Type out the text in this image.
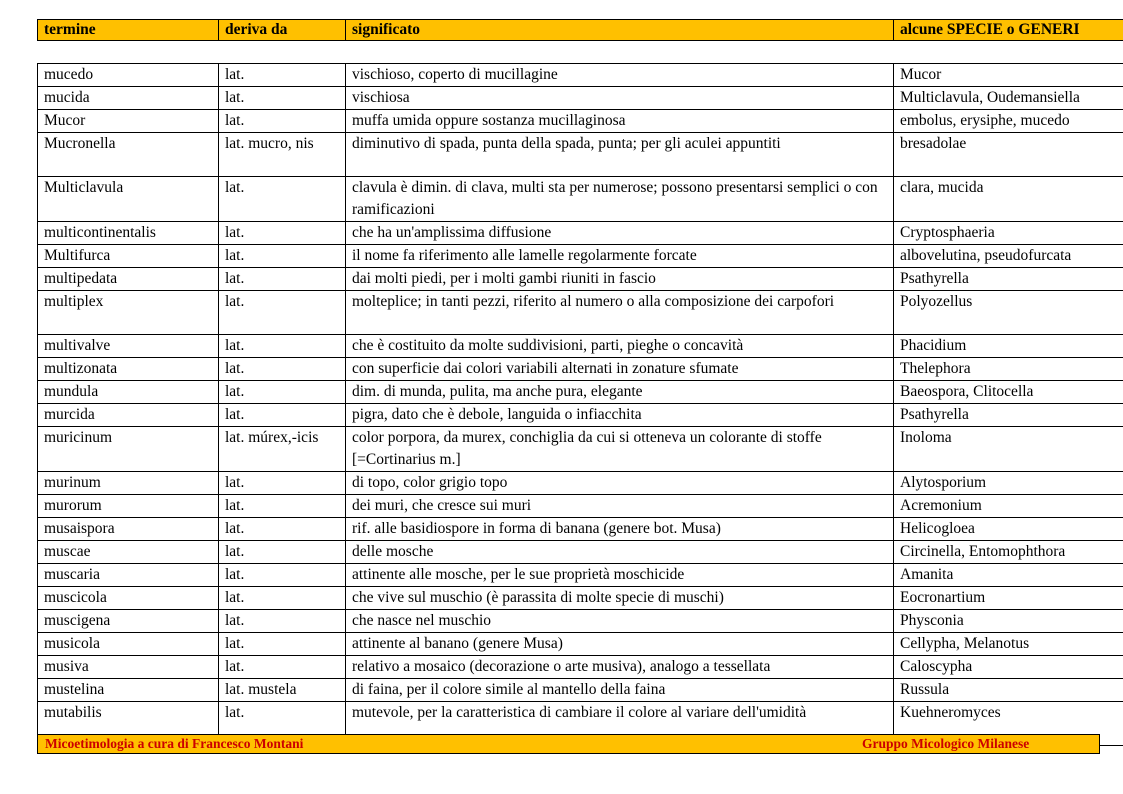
termine	deriva da	significato	alcune SPECIE o GENERI
mucedo	lat.	vischioso, coperto di mucillagine	Mucor
mucida	lat.	vischiosa	Multiclavula, Oudemansiella
Mucor	lat.	muffa umida oppure sostanza mucillaginosa	embolus, erysiphe, mucedo
Mucronella	lat. mucro, nis	diminutivo di spada, punta della spada, punta; per gli aculei appuntiti	bresadolae
Multiclavula	lat.	clavula è dimin. di clava, multi sta per numerose; possono presentarsi semplici o con ramificazioni	clara, mucida
multicontinentalis	lat.	che ha un'amplissima diffusione	Cryptosphaeria
Multifurca	lat.	il nome fa riferimento alle lamelle regolarmente forcate	albovelutina, pseudofurcata
multipedata	lat.	dai molti piedi, per i molti gambi riuniti in fascio	Psathyrella
multiplex	lat.	molteplice; in tanti pezzi, riferito al numero o alla composizione dei carpofori	Polyozellus
multivalve	lat.	che è costituito da molte suddivisioni, parti, pieghe o concavità	Phacidium
multizonata	lat.	con superficie dai colori variabili alternati in zonature sfumate	Thelephora
mundula	lat.	dim. di munda, pulita, ma anche pura, elegante	Baeospora, Clitocella
murcida	lat.	pigra, dato che è debole, languida o infiacchita	Psathyrella
muricinum	lat. múrex,-icis	color porpora, da murex, conchiglia da cui si otteneva un colorante di stoffe [=Cortinarius m.]	Inoloma
murinum	lat.	di topo, color grigio topo	Alytosporium
murorum	lat.	dei muri, che cresce sui muri	Acremonium
musaispora	lat.	rif. alle basidiospore in forma di banana (genere bot. Musa)	Helicogloea
muscae	lat.	delle mosche	Circinella, Entomophthora
muscaria	lat.	attinente alle mosche, per le sue proprietà moschicide	Amanita
muscicola	lat.	che vive sul muschio (è parassita di molte specie di muschi)	Eocronartium
muscigena	lat.	che nasce nel muschio	Physconia
musicola	lat.	attinente al banano (genere Musa)	Cellypha, Melanotus
musiva	lat.	relativo a mosaico (decorazione o arte musiva), analogo a tessellata	Caloscypha
mustelina	lat. mustela	di faina, per il colore simile al mantello della faina	Russula
mutabilis	lat.	mutevole, per la caratteristica di cambiare il colore al variare dell'umidità	Kuehneromyces
Micoetimologia a cura di Francesco Montani	Gruppo Micologico Milanese
